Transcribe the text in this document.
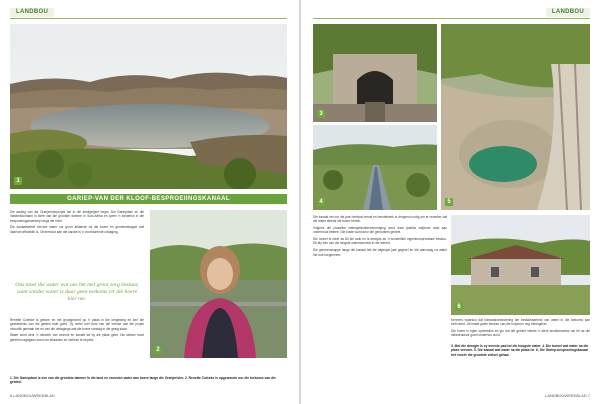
LANDBOU
1
GARIEP-VAN DER KLOOF-BESPROEIINGSKANAAL

Die aanleg van die Oranjerivierprojek het in die sestigerjare begin. Die Gariepdam en die Vanderkloofdam is twee van die grootste damme in Suid-Afrika en speel 'n sleutelrol in die besproeiingsboerdery langs die rivier.

Die kanaalstelsel vervoer water oor groot afstande na die boere en gemeenskappe wat daarvan afhanklik is. Onderhoud aan die kanale is 'n voortdurende uitdaging.

Ons moet die water wat ons het met groot sorg bestuur, want sonder water is daar geen toekoms vir die boere hier nie.

Renette Coleske is gebore en het grootgeword op 'n plaas in die omgewing en ken die geskiedenis van die gebied baie goed. Sy vertel met trots van die mense wat die projek moontlik gemaak het en van die uitdagings wat die boere vandag in die gesig staar.

Water word deur 'n netwerk van tonnels en kanale tot by die plase gelei. Die stelsel moet gereeld nagegaan word om lekkasies en verliese te beperk.

2
1. Die Gariepdam is een van die grootste damme in die land en voorsien water aan boere langs die Oranjerivier. 2. Renette Coleske is opgewonde oor die toekoms van die gebied.
6 LANDBOUWEEKBLAD
LANDBOU
3
4	5

Die kanaal het oor die jare heelwat verval en herstelwerk is dringend nodig om te verseker dat die water steeds die boere bereik.

Volgens die plaaslike watergebruikersvereniging word daar jaarliks miljoene rand aan onderhoud bestee. Die koste word deur die gebruikers gedeel.

Die tonnel is meer as 80 km lank en is destyds as 'n wonderlike ingenieursprestasie beskou. Dit bly een van die langste waterstonnels in die wêreld.

Die gemeenskappe langs die kanaal het die afgelope jare gegroei en die aanvraag na water het ook toegeneem.

6

Kenners waarsku dat klimaatsverandering die beskikbaarheid van water in die toekoms kan beïnvloed. Dit maak goeie bestuur van die hulpbron nog belangriker.

Die boere is egter optimisties en glo dat die gebied steeds 'n sterk landbousektor sal hê as die infrastruktuur goed onderhou word.

3. Met die droogte is sy meeste pad tot die hoogste water. 4. Die tonnel wat water na die plase vervoer. 5. Die kanaal wat water na die plaas lei. 6. Die Gariep-besproeiingskanaal het vroeër die grootste stelsel gehad.
LANDBOUWEEKBLAD 7
